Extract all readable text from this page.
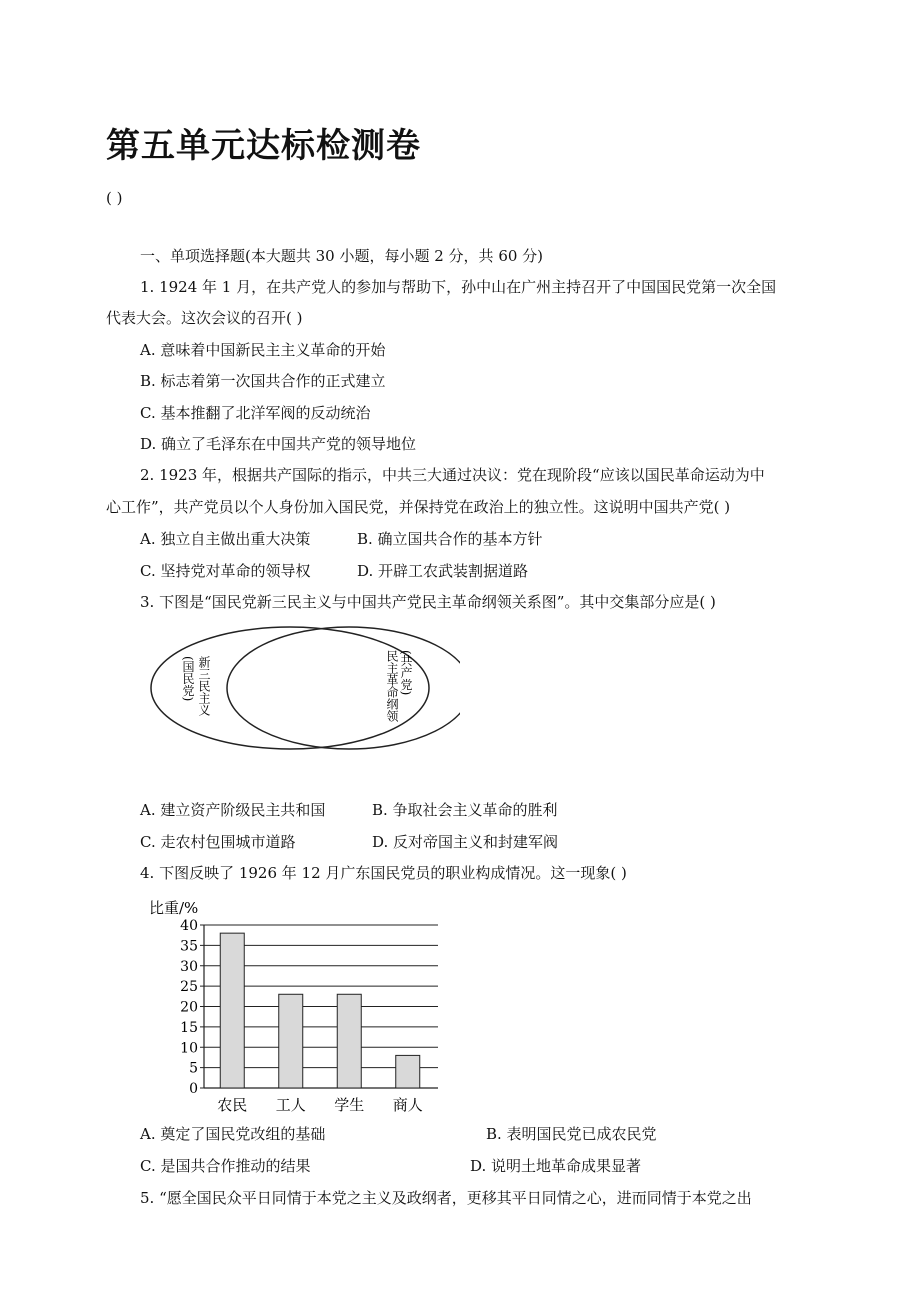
第五单元达标检测卷
( )
一、单项选择题(本大题共 30 小题，每小题 2 分，共 60 分)
1. 1924 年 1 月，在共产党人的参加与帮助下，孙中山在广州主持召开了中国国民党第一次全国
代表大会。这次会议的召开( )
A. 意味着中国新民主主义革命的开始
B. 标志着第一次国共合作的正式建立
C. 基本推翻了北洋军阀的反动统治
D. 确立了毛泽东在中国共产党的领导地位
2. 1923 年，根据共产国际的指示，中共三大通过决议：党在现阶段“应该以国民革命运动为中
心工作”，共产党员以个人身份加入国民党，并保持党在政治上的独立性。这说明中国共产党( )
A. 独立自主做出重大决策	B. 确立国共合作的基本方针
C. 坚持党对革命的领导权	D. 开辟工农武装割据道路
3. 下图是“国民党新三民主义与中国共产党民主革命纲领关系图”。其中交集部分应是( )
新三民主义
(国民党)	(共产党)
民主革命纲领
A. 建立资产阶级民主共和国	B. 争取社会主义革命的胜利
C. 走农村包围城市道路	D. 反对帝国主义和封建军阀
4. 下图反映了 1926 年 12 月广东国民党员的职业构成情况。这一现象( )
比重/%
0
5
10
15
20
25
30
35
40
农民 工人 学生 商人
A. 奠定了国民党改组的基础	B. 表明国民党已成农民党
C. 是国共合作推动的结果	D. 说明土地革命成果显著
5. “愿全国民众平日同情于本党之主义及政纲者，更移其平日同情之心，进而同情于本党之出
